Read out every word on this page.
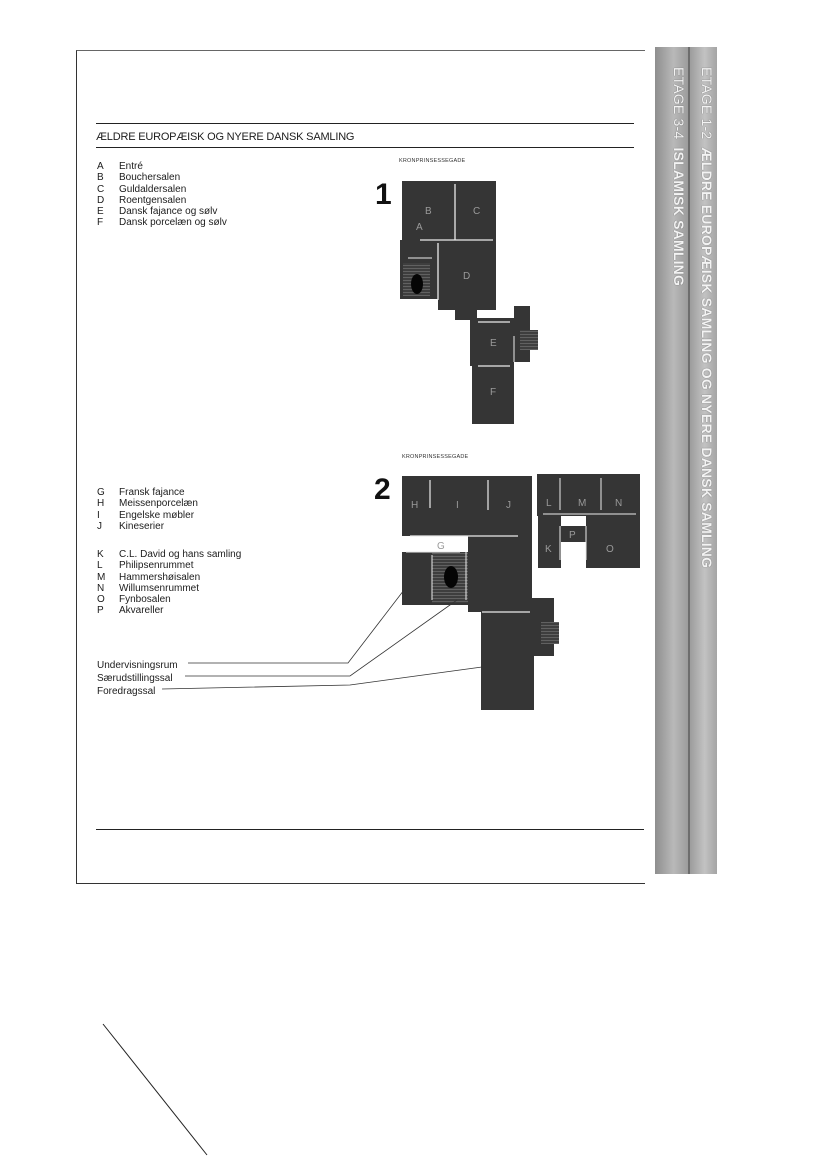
ETAGE 3-4  ISLAMISK SAMLING
ETAGE 1-2  ÆLDRE EUROPÆISK SAMLING OG NYERE DANSK SAMLING
ÆLDRE EUROPÆISK OG NYERE DANSK SAMLING
A	Entré
B	Bouchersalen
C	Guldaldersalen
D	Roentgensalen
E	Dansk fajance og sølv
F	Dansk porcelæn og sølv
G	Fransk fajance
H	Meissenporcelæn
I	Engelske møbler
J	Kineserier
K	C.L. David og hans samling
L	Philipsenrummet
M	Hammershøisalen
N	Willumsenrummet
O	Fynbosalen
P	Akvareller
Undervisningsrum
Særudstillingssal
Foredragssal
KRONPRINSESSEGADE
KRONPRINSESSEGADE
1
2
B	C
A
D
E
F
H	I	J
G
L	M	N
K
P
O
